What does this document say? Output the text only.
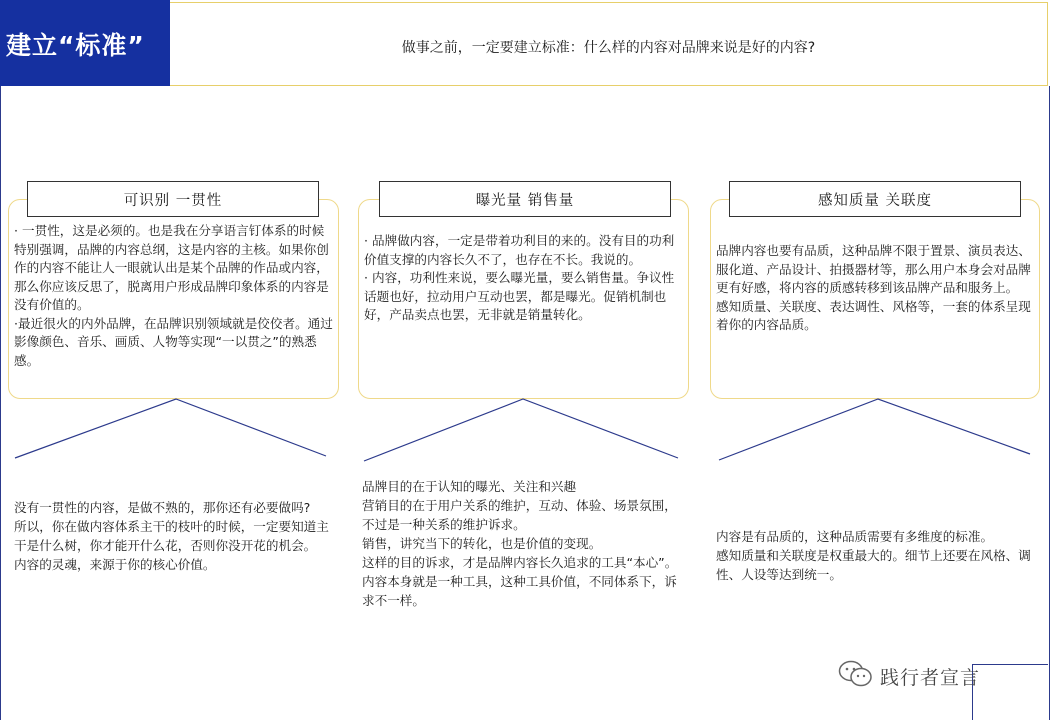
建立“标准”	做事之前，一定要建立标准：什么样的内容对品牌来说是好的内容?
可识别 一贯性

· 一贯性，这是必须的。也是我在分享语言钉体系的时候特别强调，品牌的内容总纲，这是内容的主核。如果你创作的内容不能让人一眼就认出是某个品牌的作品或内容，那么你应该反思了，脱离用户形成品牌印象体系的内容是没有价值的。

·最近很火的内外品牌，在品牌识别领域就是佼佼者。通过影像颜色、音乐、画质、人物等实现“一以贯之”的熟悉感。

没有一贯性的内容，是做不熟的，那你还有必要做吗?

所以，你在做内容体系主干的枝叶的时候，一定要知道主干是什么树，你才能开什么花，否则你没开花的机会。

内容的灵魂，来源于你的核心价值。

曝光量 销售量

· 品牌做内容，一定是带着功利目的来的。没有目的功利价值支撑的内容长久不了，也存在不长。我说的。

· 内容，功利性来说，要么曝光量，要么销售量。争议性话题也好，拉动用户互动也罢，都是曝光。促销机制也好，产品卖点也罢，无非就是销量转化。

品牌目的在于认知的曝光、关注和兴趣

营销目的在于用户关系的维护，互动、体验、场景氛围，不过是一种关系的维护诉求。

销售，讲究当下的转化，也是价值的变现。

这样的目的诉求，才是品牌内容长久追求的工具“本心”。

内容本身就是一种工具，这种工具价值，不同体系下，诉求不一样。

感知质量 关联度

品牌内容也要有品质，这种品牌不限于置景、演员表达、服化道、产品设计、拍摄器材等，那么用户本身会对品牌更有好感，将内容的质感转移到该品牌产品和服务上。

感知质量、关联度、表达调性、风格等，一套的体系呈现着你的内容品质。

内容是有品质的，这种品质需要有多维度的标准。

感知质量和关联度是权重最大的。细节上还要在风格、调性、人设等达到统一。

践行者宣言
